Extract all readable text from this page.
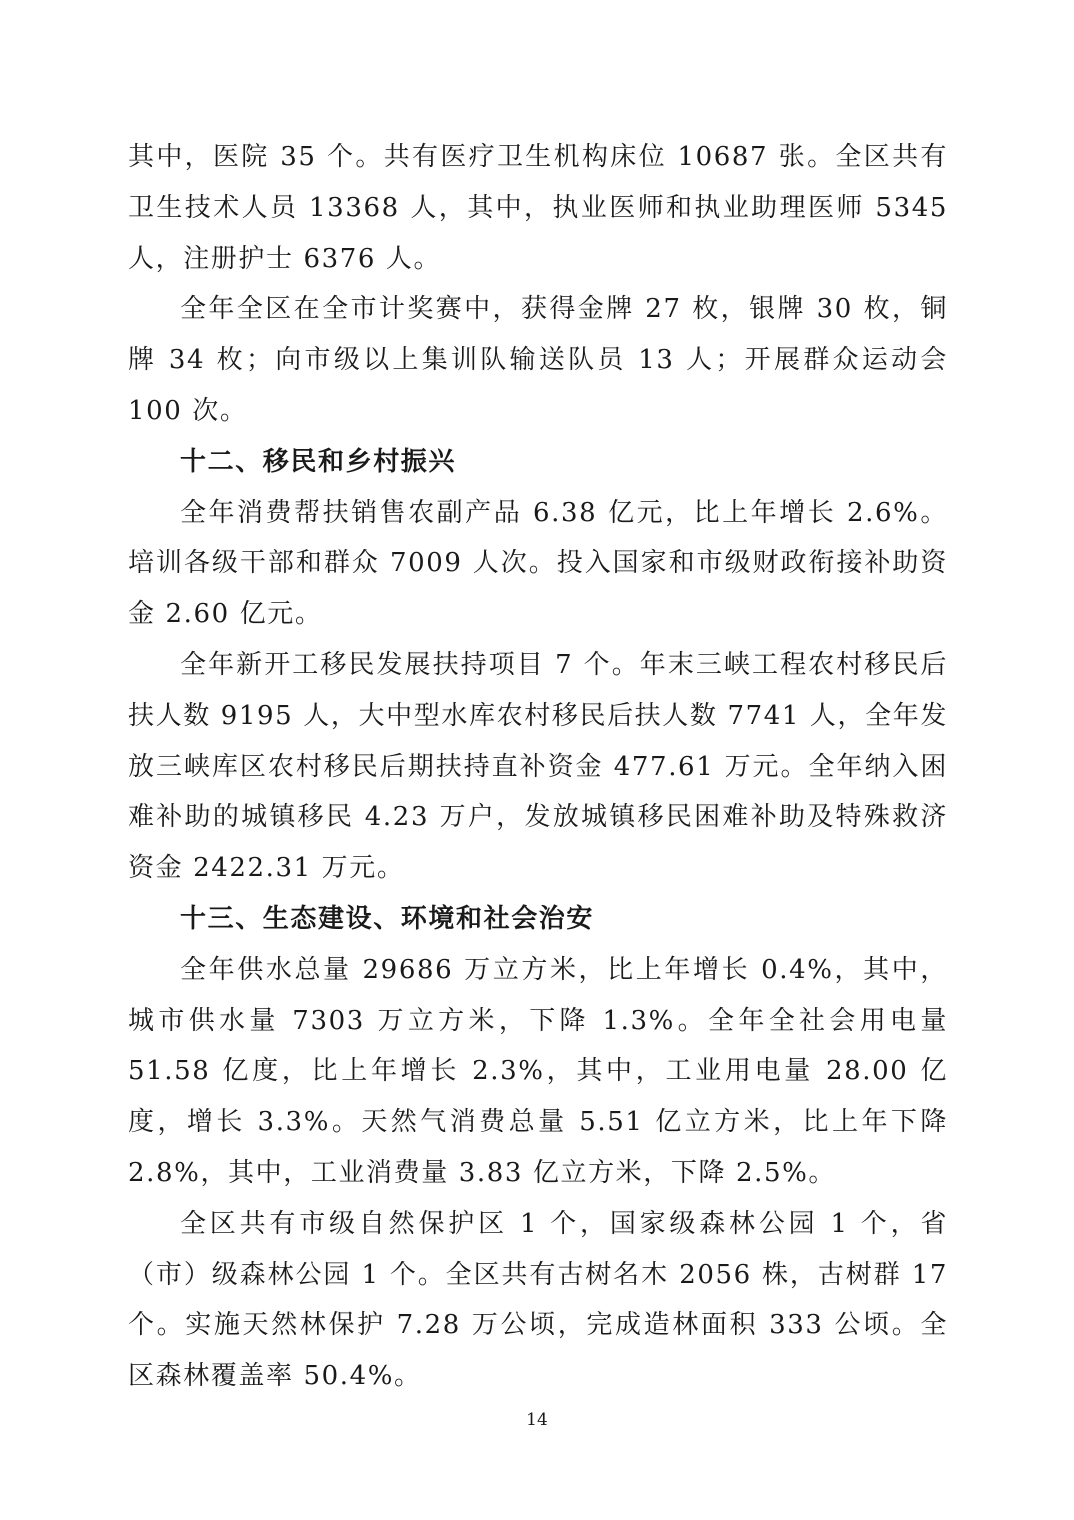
其中，医院 35 个。共有医疗卫生机构床位 10687 张。全区共有卫生技术人员 13368 人，其中，执业医师和执业助理医师 5345 人，注册护士 6376 人。

全年全区在全市计奖赛中，获得金牌 27 枚，银牌 30 枚，铜牌 34 枚；向市级以上集训队输送队员 13 人；开展群众运动会 100 次。

十二、移民和乡村振兴

全年消费帮扶销售农副产品 6.38 亿元，比上年增长 2.6%。培训各级干部和群众 7009 人次。投入国家和市级财政衔接补助资金 2.60 亿元。

全年新开工移民发展扶持项目 7 个。年末三峡工程农村移民后扶人数 9195 人，大中型水库农村移民后扶人数 7741 人，全年发放三峡库区农村移民后期扶持直补资金 477.61 万元。全年纳入困难补助的城镇移民 4.23 万户，发放城镇移民困难补助及特殊救济资金 2422.31 万元。

十三、生态建设、环境和社会治安

全年供水总量 29686 万立方米，比上年增长 0.4%，其中，城市供水量 7303 万立方米，下降 1.3%。全年全社会用电量 51.58 亿度，比上年增长 2.3%，其中，工业用电量 28.00 亿度，增长 3.3%。天然气消费总量 5.51 亿立方米，比上年下降 2.8%，其中，工业消费量 3.83 亿立方米，下降 2.5%。

全区共有市级自然保护区 1 个，国家级森林公园 1 个，省（市）级森林公园 1 个。全区共有古树名木 2056 株，古树群 17 个。实施天然林保护 7.28 万公顷，完成造林面积 333 公顷。全区森林覆盖率 50.4%。

14
